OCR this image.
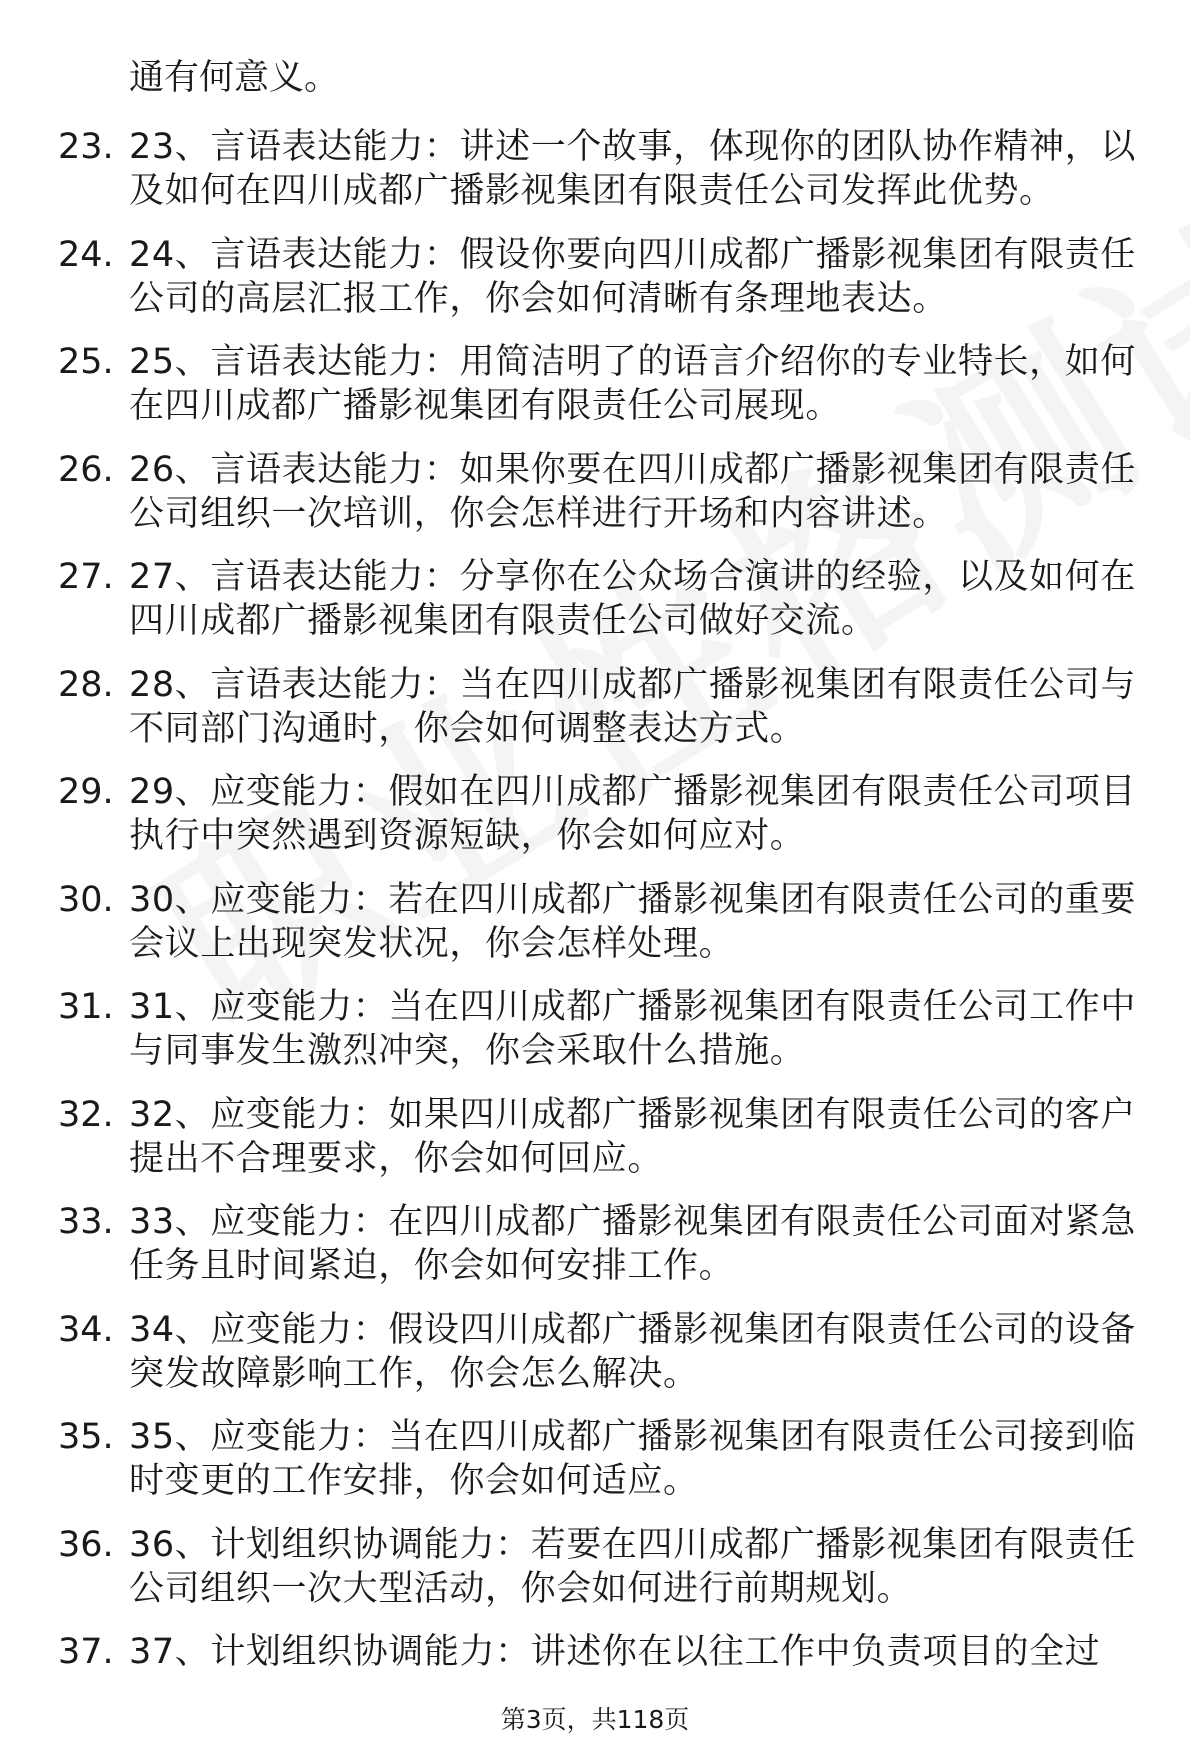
通有何意义。
23. 23、言语表达能力：讲述一个故事，体现你的团队协作精神，以
及如何在四川成都广播影视集团有限责任公司发挥此优势。
24. 24、言语表达能力：假设你要向四川成都广播影视集团有限责任
公司的高层汇报工作，你会如何清晰有条理地表达。
25. 25、言语表达能力：用简洁明了的语言介绍你的专业特长，如何
在四川成都广播影视集团有限责任公司展现。
26. 26、言语表达能力：如果你要在四川成都广播影视集团有限责任
公司组织一次培训，你会怎样进行开场和内容讲述。
27. 27、言语表达能力：分享你在公众场合演讲的经验，以及如何在
四川成都广播影视集团有限责任公司做好交流。
28. 28、言语表达能力：当在四川成都广播影视集团有限责任公司与
不同部门沟通时，你会如何调整表达方式。
29. 29、应变能力：假如在四川成都广播影视集团有限责任公司项目
执行中突然遇到资源短缺，你会如何应对。
30. 30、应变能力：若在四川成都广播影视集团有限责任公司的重要
会议上出现突发状况，你会怎样处理。
31. 31、应变能力：当在四川成都广播影视集团有限责任公司工作中
与同事发生激烈冲突，你会采取什么措施。
32. 32、应变能力：如果四川成都广播影视集团有限责任公司的客户
提出不合理要求，你会如何回应。
33. 33、应变能力：在四川成都广播影视集团有限责任公司面对紧急
任务且时间紧迫，你会如何安排工作。
34. 34、应变能力：假设四川成都广播影视集团有限责任公司的设备
突发故障影响工作，你会怎么解决。
35. 35、应变能力：当在四川成都广播影视集团有限责任公司接到临
时变更的工作安排，你会如何适应。
36. 36、计划组织协调能力：若要在四川成都广播影视集团有限责任
公司组织一次大型活动，你会如何进行前期规划。
37. 37、计划组织协调能力：讲述你在以往工作中负责项目的全过
第3页，共118页
